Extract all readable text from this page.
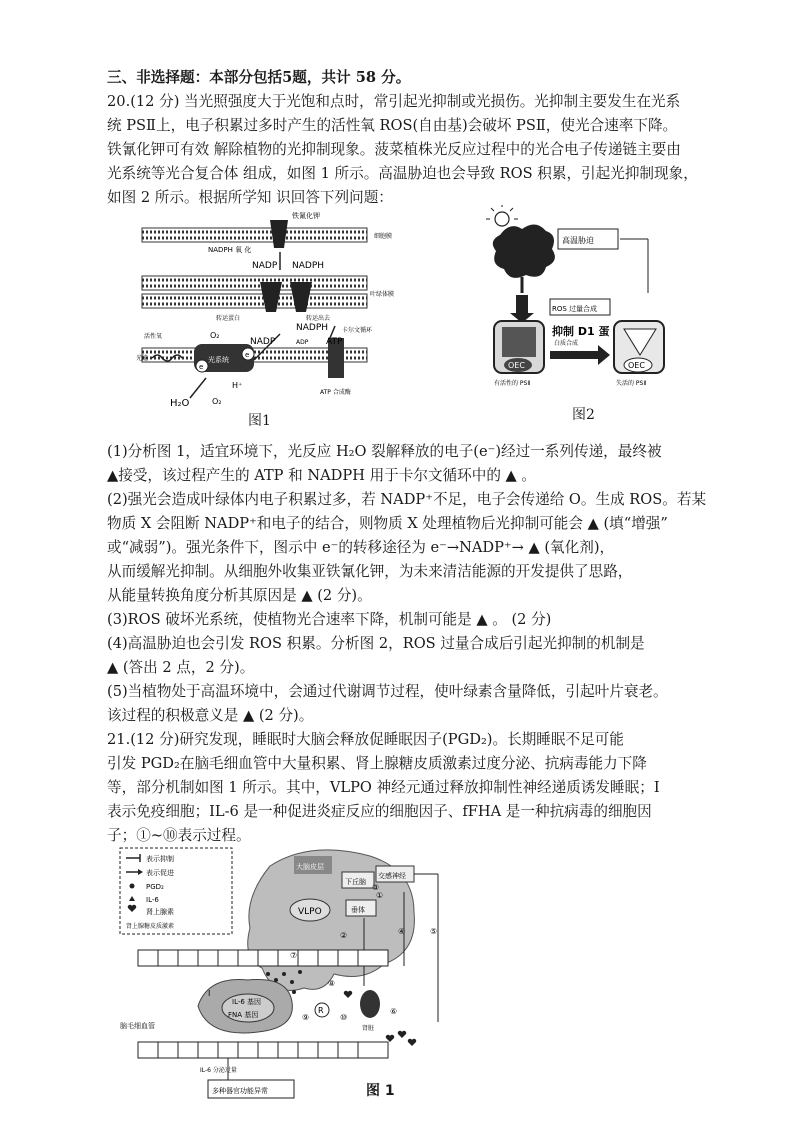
三、非选择题：本部分包括5题，共计 58 分。
20.(12 分) 当光照强度大于光饱和点时，常引起光抑制或光损伤。光抑制主要发生在光系
统 PSⅡ上，电子积累过多时产生的活性氧 ROS(自由基)会破坏 PSⅡ，使光合速率下降。
铁氰化钾可有效 解除植物的光抑制现象。菠菜植株光反应过程中的光合电子传递链主要由
光系统等光合复合体 组成，如图 1 所示。高温胁迫也会导致 ROS 积累，引起光抑制现象，
如图 2 所示。根据所学知 识回答下列问题：
铁氰化钾
NADPH 氧 化
细胞膜
NADP NADPH
叶绿体膜
转运蛋白	转运出去
NADPH 卡尔文循环
活性氧
光能
O₂
NADP	ADP ATP
光系统
H₂O
H⁺
O₂
ATP 合成酶
e
e
图1
高温胁迫
ROS 过量合成
抑制 D1 蛋
白质合成
OEC
有活性的 PSⅡ
OEC
失活的 PSⅡ
图2
(1)分析图 1，适宜环境下，光反应 H₂O 裂解释放的电子(e⁻)经过一系列传递，最终被
▲接受，该过程产生的 ATP 和 NADPH 用于卡尔文循环中的 ▲ 。
(2)强光会造成叶绿体内电子积累过多，若 NADP⁺不足，电子会传递给 O。生成 ROS。若某
物质 X 会阻断 NADP⁺和电子的结合，则物质 X 处理植物后光抑制可能会 ▲ (填“增强”
或“减弱”)。强光条件下，图示中 e⁻的转移途径为 e⁻→NADP⁺→ ▲ (氧化剂)，
从而缓解光抑制。从细胞外收集亚铁氰化钾，为未来清洁能源的开发提供了思路，
从能量转换角度分析其原因是 ▲ (2 分)。
(3)ROS 破坏光系统，使植物光合速率下降，机制可能是 ▲ 。 (2 分)
(4)高温胁迫也会引发 ROS 积累。分析图 2，ROS 过量合成后引起光抑制的机制是
▲ (答出 2 点，2 分)。
(5)当植物处于高温环境中，会通过代谢调节过程，使叶绿素含量降低，引起叶片衰老。
该过程的积极意义是 ▲ (2 分)。
21.(12 分)研究发现，睡眠时大脑会释放促睡眠因子(PGD₂)。长期睡眠不足可能
引发 PGD₂在脑毛细血管中大量积累、肾上腺糖皮质激素过度分泌、抗病毒能力下降
等，部分机制如图 1 所示。其中，VLPO 神经元通过释放抑制性神经递质诱发睡眠；I
表示免疫细胞；IL-6 是一种促进炎症反应的细胞因子、fFHA 是一种抗病毒的细胞因
子；①~⑩表示过程。
表示抑制
表示促进
PGD₂
IL-6
肾上腺素
肾上腺糖皮质激素
大脑皮层
下丘脑
交感神经
VLPO	垂体
IL-6 基因
FNA 基因
脑毛细血管	肾脏
R
I
IL-6 分泌过量
多种器官功能异常
①
②
③
④	⑤
⑥
⑦
⑧
⑨	⑩
图 1
